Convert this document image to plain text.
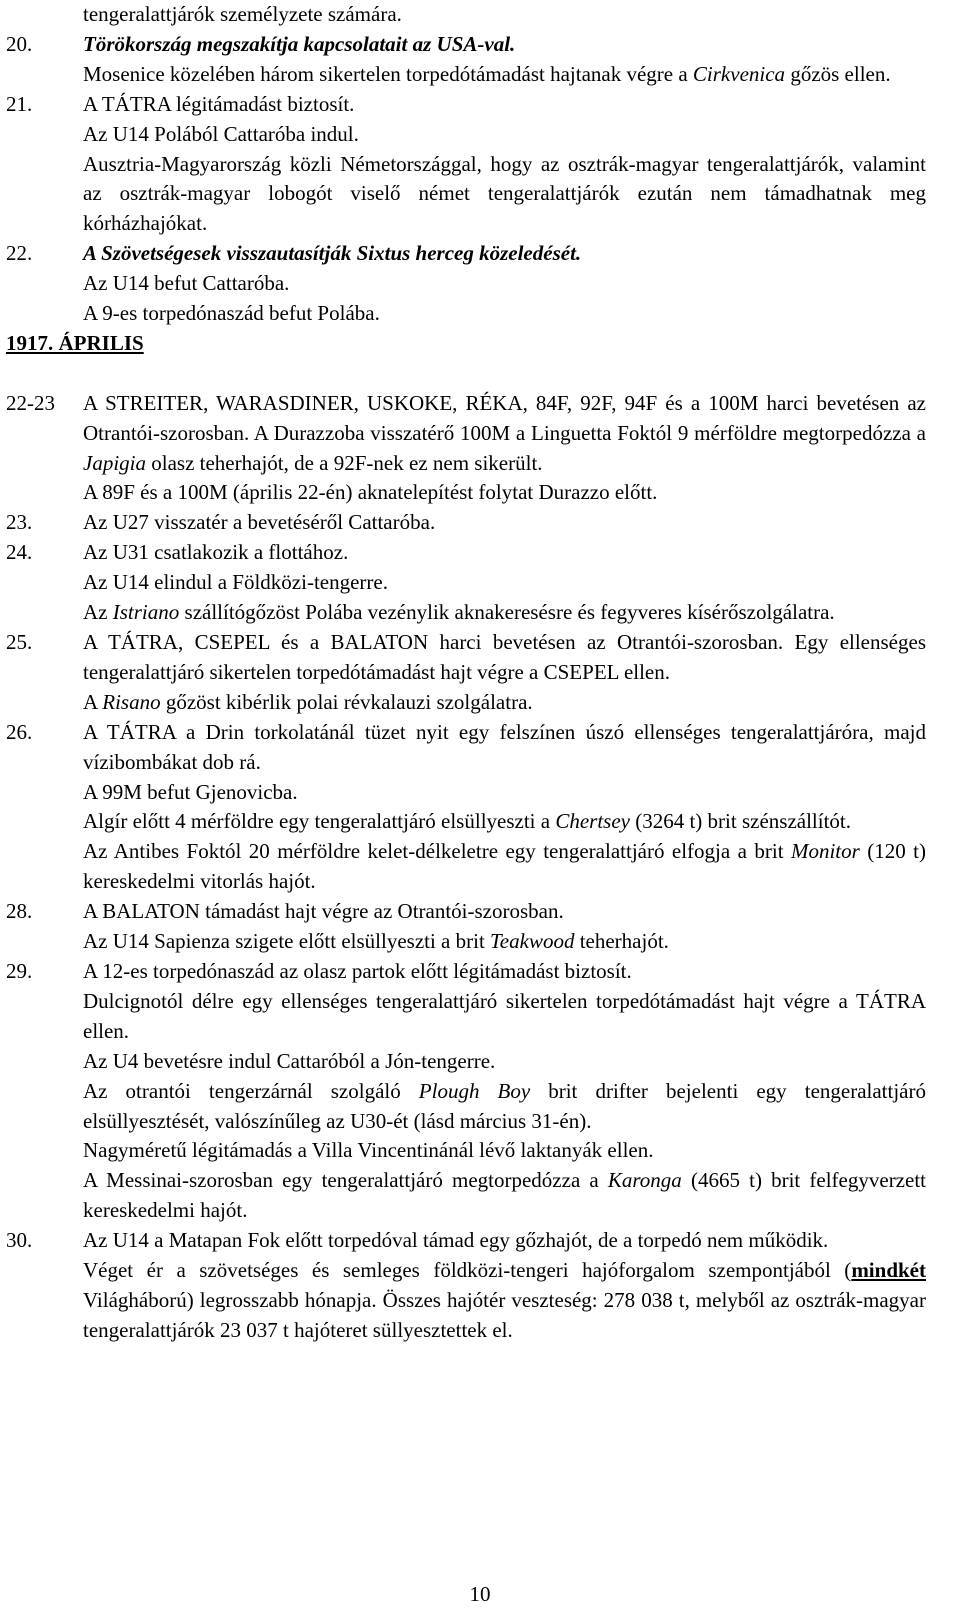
tengeralattjárók személyzete számára.
20.	Törökország megszakítja kapcsolatait az USA-val.
Mosenice közelében három sikertelen torpedótámadást hajtanak végre a Cirkvenica gőzös ellen.
21.	A TÁTRA légitámadást biztosít.
Az U14 Polából Cattaróba indul.
Ausztria-Magyarország közli Németországgal, hogy az osztrák-magyar tengeralattjárók, valamint az osztrák-magyar lobogót viselő német tengeralattjárók ezután nem támadhatnak meg kórházhajókat.
22.	A Szövetségesek visszautasítják Sixtus herceg közeledését.
Az U14 befut Cattaróba.
A 9-es torpedónaszád befut Polába.
1917. ÁPRILIS
22-23	A STREITER, WARASDINER, USKOKE, RÉKA, 84F, 92F, 94F és a 100M harci bevetésen az Otrantói-szorosban. A Durazzoba visszatérő 100M a Linguetta Foktól 9 mérföldre megtorpedózza a Japigia olasz teherhajót, de a 92F-nek ez nem sikerült.
A 89F és a 100M (április 22-én) aknatelepítést folytat Durazzo előtt.
23.	Az U27 visszatér a bevetéséről Cattaróba.
24.	Az U31 csatlakozik a flottához.
Az U14 elindul a Földközi-tengerre.
Az Istriano szállítógőzöst Polába vezénylik aknakeresésre és fegyveres kísérőszolgálatra.
25.	A TÁTRA, CSEPEL és a BALATON harci bevetésen az Otrantói-szorosban. Egy ellenséges tengeralattjáró sikertelen torpedótámadást hajt végre a CSEPEL ellen.
A Risano gőzöst kibérlik polai révkalauzi szolgálatra.
26.	A TÁTRA a Drin torkolatánál tüzet nyit egy felszínen úszó ellenséges tengeralattjáróra, majd vízibombákat dob rá.
A 99M befut Gjenovicba.
Algír előtt 4 mérföldre egy tengeralattjáró elsüllyeszti a Chertsey (3264 t) brit szénszállítót.
Az Antibes Foktól 20 mérföldre kelet-délkeletre egy tengeralattjáró elfogja a brit Monitor (120 t) kereskedelmi vitorlás hajót.
28.	A BALATON támadást hajt végre az Otrantói-szorosban.
Az U14 Sapienza szigete előtt elsüllyeszti a brit Teakwood teherhajót.
29.	A 12-es torpedónaszád az olasz partok előtt légitámadást biztosít.
Dulcignotól délre egy ellenséges tengeralattjáró sikertelen torpedótámadást hajt végre a TÁTRA ellen.
Az U4 bevetésre indul Cattaróból a Jón-tengerre.
Az otrantói tengerzárnál szolgáló Plough Boy brit drifter bejelenti egy tengeralattjáró elsüllyesztését, valószínűleg az U30-ét (lásd március 31-én).
Nagyméretű légitámadás a Villa Vincentinánál lévő laktanyák ellen.
A Messinai-szorosban egy tengeralattjáró megtorpedózza a Karonga (4665 t) brit felfegyverzett kereskedelmi hajót.
30.	Az U14 a Matapan Fok előtt torpedóval támad egy gőzhajót, de a torpedó nem működik.
Véget ér a szövetséges és semleges földközi-tengeri hajóforgalom szempontjából (mindkét Világháború) legrosszabb hónapja. Összes hajótér veszteség: 278 038 t, melyből az osztrák-magyar tengeralattjárók 23 037 t hajóteret süllyesztettek el.
10
